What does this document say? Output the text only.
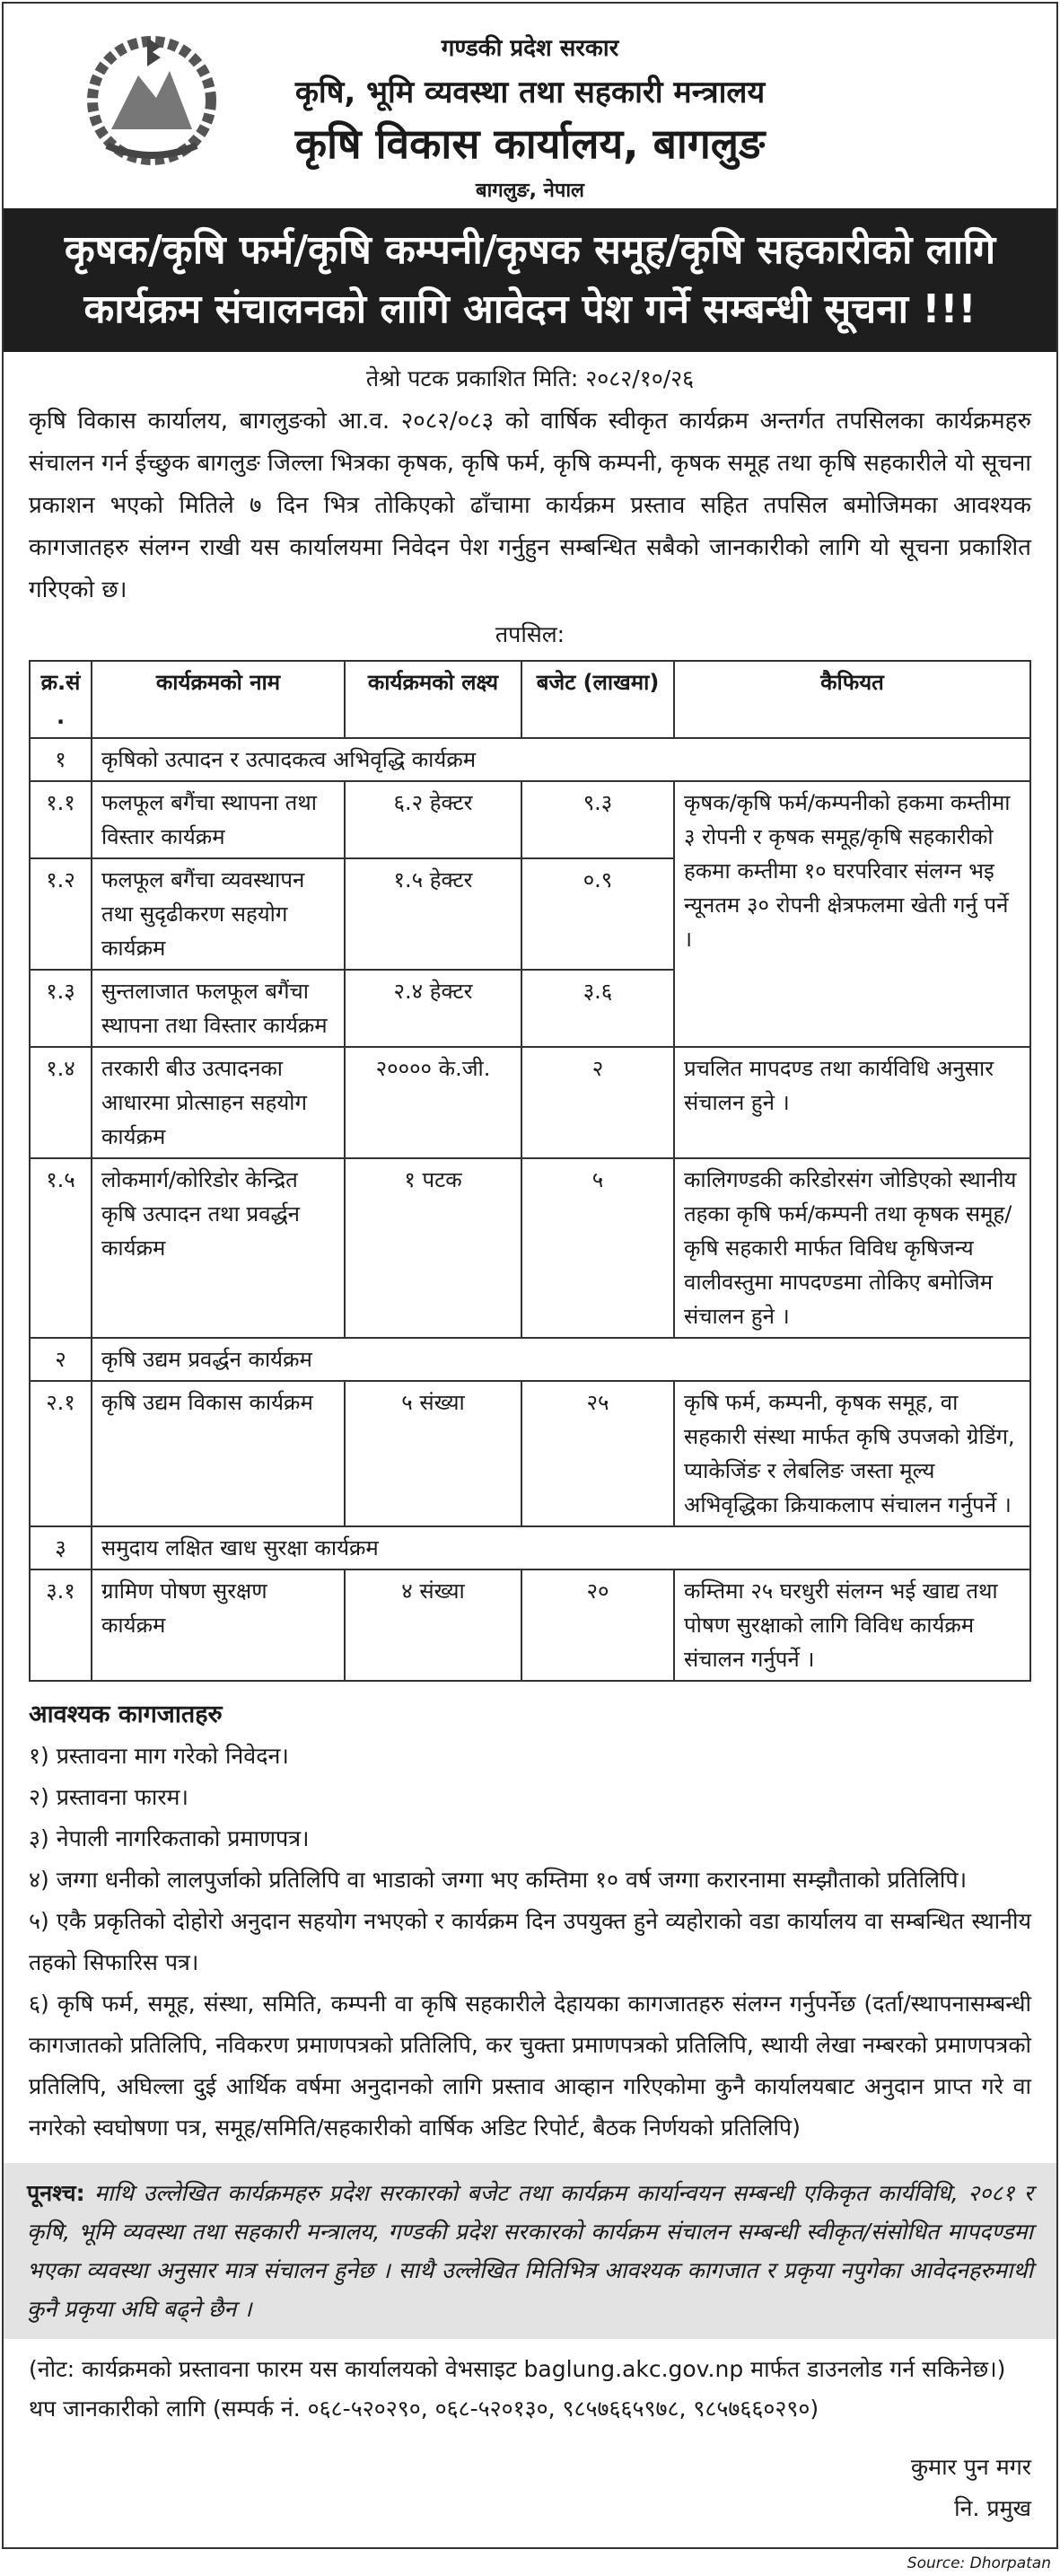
गण्डकी प्रदेश सरकार
कृषि, भूमि व्यवस्था तथा सहकारी मन्त्रालय
कृषि विकास कार्यालय, बागलुङ
बागलुङ, नेपाल
कृषक/कृषि फर्म/कृषि कम्पनी/कृषक समूह/कृषि सहकारीको लागि
कार्यक्रम संचालनको लागि आवेदन पेश गर्ने सम्बन्धी सूचना !!!
तेश्रो पटक प्रकाशित मिति: २०८२/१०/२६
कृषि विकास कार्यालय, बागलुङको आ.व. २०८२/०८३ को वार्षिक स्वीकृत कार्यक्रम अन्तर्गत तपसिलका कार्यक्रमहरु संचालन गर्न ईच्छुक बागलुङ जिल्ला भित्रका कृषक, कृषि फर्म, कृषि कम्पनी, कृषक समूह तथा कृषि सहकारीले यो सूचना प्रकाशन भएको मितिले ७ दिन भित्र तोकिएको ढाँचामा कार्यक्रम प्रस्ताव सहित तपसिल बमोजिमका आवश्यक कागजातहरु संलग्न राखी यस कार्यालयमा निवेदन पेश गर्नुहुन सम्बन्धित सबैको जानकारीको लागि यो सूचना प्रकाशित गरिएको छ।
तपसिल:
क्र.सं.	कार्यक्रमको नाम	कार्यक्रमको लक्ष्य	बजेट (लाखमा)	कैफियत
१	कृषिको उत्पादन र उत्पादकत्व अभिवृद्धि कार्यक्रम			
१.१	फलफूल बगैंचा स्थापना तथा विस्तार कार्यक्रम	६.२ हेक्टर	९.३	कृषक/कृषि फर्म/कम्पनीको हकमा कम्तीमा ३ रोपनी र कृषक समूह/कृषि सहकारीको हकमा कम्तीमा १० घरपरिवार संलग्न भइ न्यूनतम ३० रोपनी क्षेत्रफलमा खेती गर्नु पर्ने ।
१.२	फलफूल बगैंचा व्यवस्थापन तथा सुदृढीकरण सहयोग कार्यक्रम	१.५ हेक्टर	०.९	
१.३	सुन्तलाजात फलफूल बगैंचा स्थापना तथा विस्तार कार्यक्रम	२.४ हेक्टर	३.६	
१.४	तरकारी बीउ उत्पादनका आधारमा प्रोत्साहन सहयोग कार्यक्रम	२०००० के.जी.	२	प्रचलित मापदण्ड तथा कार्यविधि अनुसार संचालन हुने ।
१.५	लोकमार्ग/कोरिडोर केन्द्रित कृषि उत्पादन तथा प्रवर्द्धन कार्यक्रम	१ पटक	५	कालिगण्डकी करिडोरसंग जोडिएको स्थानीय तहका कृषि फर्म/कम्पनी तथा कृषक समूह/कृषि सहकारी मार्फत विविध कृषिजन्य वालीवस्तुमा मापदण्डमा तोकिए बमोजिम संचालन हुने ।
२	कृषि उद्यम प्रवर्द्धन कार्यक्रम			
२.१	कृषि उद्यम विकास कार्यक्रम	५ संख्या	२५	कृषि फर्म, कम्पनी, कृषक समूह, वा सहकारी संस्था मार्फत कृषि उपजको ग्रेडिंग, प्याकेजिंङ र लेबलिङ जस्ता मूल्य अभिवृद्धिका क्रियाकलाप संचालन गर्नुपर्ने ।
३	समुदाय लक्षित खाध सुरक्षा कार्यक्रम			
३.१	ग्रामिण पोषण सुरक्षण कार्यक्रम	४ संख्या	२०	कम्तिमा २५ घरधुरी संलग्न भई खाद्य तथा पोषण सुरक्षाको लागि विविध कार्यक्रम संचालन गर्नुपर्ने ।
आवश्यक कागजातहरु
१) प्रस्तावना माग गरेको निवेदन।
२) प्रस्तावना फारम।
३) नेपाली नागरिकताको प्रमाणपत्र।
४) जग्गा धनीको लालपुर्जाको प्रतिलिपि वा भाडाको जग्गा भए कम्तिमा १० वर्ष जग्गा करारनामा सम्झौताको प्रतिलिपि।
५) एकै प्रकृतिको दोहोरो अनुदान सहयोग नभएको र कार्यक्रम दिन उपयुक्त हुने व्यहोराको वडा कार्यालय वा सम्बन्धित स्थानीय तहको सिफारिस पत्र।
६) कृषि फर्म, समूह, संस्था, समिति, कम्पनी वा कृषि सहकारीले देहायका कागजातहरु संलग्न गर्नुपर्नेछ (दर्ता/स्थापनासम्बन्धी कागजातको प्रतिलिपि, नविकरण प्रमाणपत्रको प्रतिलिपि, कर चुक्ता प्रमाणपत्रको प्रतिलिपि, स्थायी लेखा नम्बरको प्रमाणपत्रको प्रतिलिपि, अघिल्ला दुई आर्थिक वर्षमा अनुदानको लागि प्रस्ताव आव्हान गरिएकोमा कुनै कार्यालयबाट अनुदान प्राप्त गरे वा नगरेको स्वघोषणा पत्र, समूह/समिति/सहकारीको वार्षिक अडिट रिपोर्ट, बैठक निर्णयको प्रतिलिपि)
पूनश्च: माथि उल्लेखित कार्यक्रमहरु प्रदेश सरकारको बजेट तथा कार्यक्रम कार्यान्वयन सम्बन्धी एकिकृत कार्यविधि, २०८१ र कृषि, भूमि व्यवस्था तथा सहकारी मन्त्रालय, गण्डकी प्रदेश सरकारको कार्यक्रम संचालन सम्बन्धी स्वीकृत/संसोधित मापदण्डमा भएका व्यवस्था अनुसार मात्र संचालन हुनेछ । साथै उल्लेखित मितिभित्र आवश्यक कागजात र प्रकृया नपुगेका आवेदनहरुमाथी कुनै प्रकृया अघि बढ्ने छैन ।
(नोट: कार्यक्रमको प्रस्तावना फारम यस कार्यालयको वेभसाइट baglung.akc.gov.np मार्फत डाउनलोड गर्न सकिनेछ।)
थप जानकारीको लागि (सम्पर्क नं. ०६८-५२०२९०, ०६८-५२०१३०, ९८५७६६५९७८, ९८५७६६०२९०)
कुमार पुन मगर
नि. प्रमुख
Source: Dhorpatan
